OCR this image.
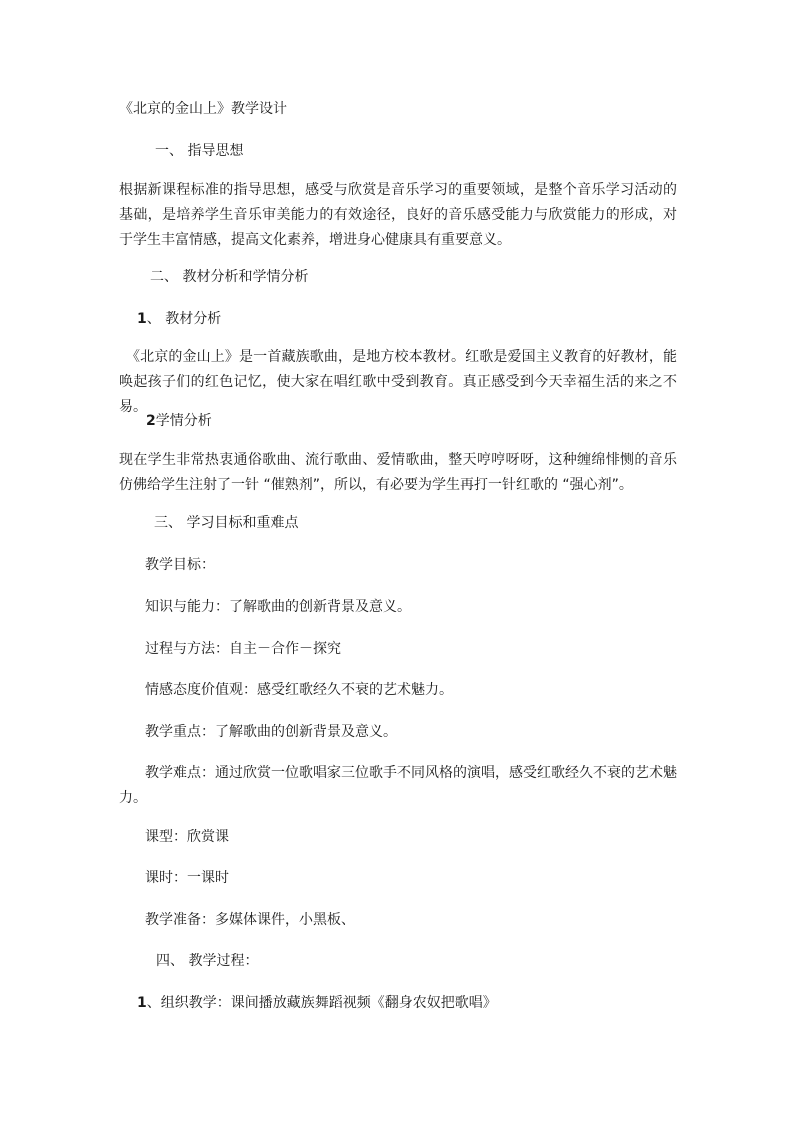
《北京的金山上》教学设计

一、 指导思想

根据新课程标准的指导思想，感受与欣赏是音乐学习的重要领域，是整个音乐学习活动的基础，是培养学生音乐审美能力的有效途径，良好的音乐感受能力与欣赏能力的形成，对于学生丰富情感，提高文化素养，增进身心健康具有重要意义。

二、 教材分析和学情分析

1、 教材分析

《北京的金山上》是一首藏族歌曲，是地方校本教材。红歌是爱国主义教育的好教材，能唤起孩子们的红色记忆，使大家在唱红歌中受到教育。真正感受到今天幸福生活的来之不易。

2学情分析

现在学生非常热衷通俗歌曲、流行歌曲、爱情歌曲，整天哼哼呀呀，这种缠绵悱恻的音乐仿佛给学生注射了一针 “催熟剂”，所以，有必要为学生再打一针红歌的 “强心剂”。

三、 学习目标和重难点

教学目标：

知识与能力：了解歌曲的创新背景及意义。

过程与方法：自主－合作－探究

情感态度价值观：感受红歌经久不衰的艺术魅力。

教学重点：了解歌曲的创新背景及意义。

教学难点：通过欣赏一位歌唱家三位歌手不同风格的演唱，感受红歌经久不衰的艺术魅力。

课型：欣赏课

课时：一课时

教学准备：多媒体课件，小黑板、

四、 教学过程：

1、组织教学：课间播放藏族舞蹈视频《翻身农奴把歌唱》
